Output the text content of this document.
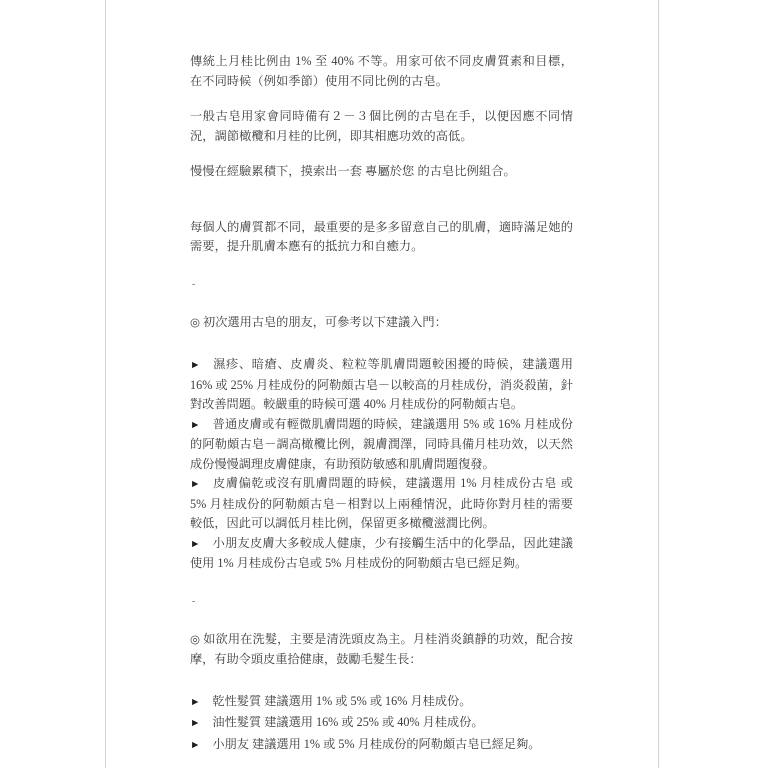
傳統上月桂比例由 1% 至 40% 不等。用家可依不同皮膚質素和目標，在不同時候（例如季節）使用不同比例的古皂。

一般古皂用家會同時備有２－３個比例的古皂在手，以便因應不同情況，調節橄欖和月桂的比例，即其相應功效的高低。

慢慢在經驗累積下，摸索出一套 專屬於您 的古皂比例組合。

每個人的膚質都不同，最重要的是多多留意自己的肌膚，適時滿足她的需要，提升肌膚本應有的抵抗力和自癒力。

-

◎ 初次選用古皂的朋友，可參考以下建議入門：

► 濕疹、暗瘡、皮膚炎、粒粒等肌膚問題較困擾的時候，建議選用 16% 或 25% 月桂成份的阿勒頗古皂－以較高的月桂成份，消炎殺菌，針對改善問題。較嚴重的時候可選 40% 月桂成份的阿勒頗古皂。

► 普通皮膚或有輕微肌膚問題的時候，建議選用 5% 或 16% 月桂成份的阿勒頗古皂－調高橄欖比例，親膚潤澤，同時具備月桂功效，以天然成份慢慢調理皮膚健康，有助預防敏感和肌膚問題復發。

► 皮膚偏乾或沒有肌膚問題的時候，建議選用 1% 月桂成份古皂 或 5% 月桂成份的阿勒頗古皂－相對以上兩種情況，此時你對月桂的需要較低，因此可以調低月桂比例，保留更多橄欖滋潤比例。

► 小朋友皮膚大多較成人健康，少有接觸生活中的化學品，因此建議使用 1% 月桂成份古皂或 5% 月桂成份的阿勒頗古皂已經足夠。

-

◎ 如欲用在洗髮，主要是清洗頭皮為主。月桂消炎鎮靜的功效，配合按摩，有助令頭皮重拾健康，鼓勵毛髮生長：

► 乾性髮質 建議選用 1% 或 5% 或 16% 月桂成份。

► 油性髮質 建議選用 16% 或 25% 或 40% 月桂成份。

► 小朋友 建議選用 1% 或 5% 月桂成份的阿勒頗古皂已經足夠。
